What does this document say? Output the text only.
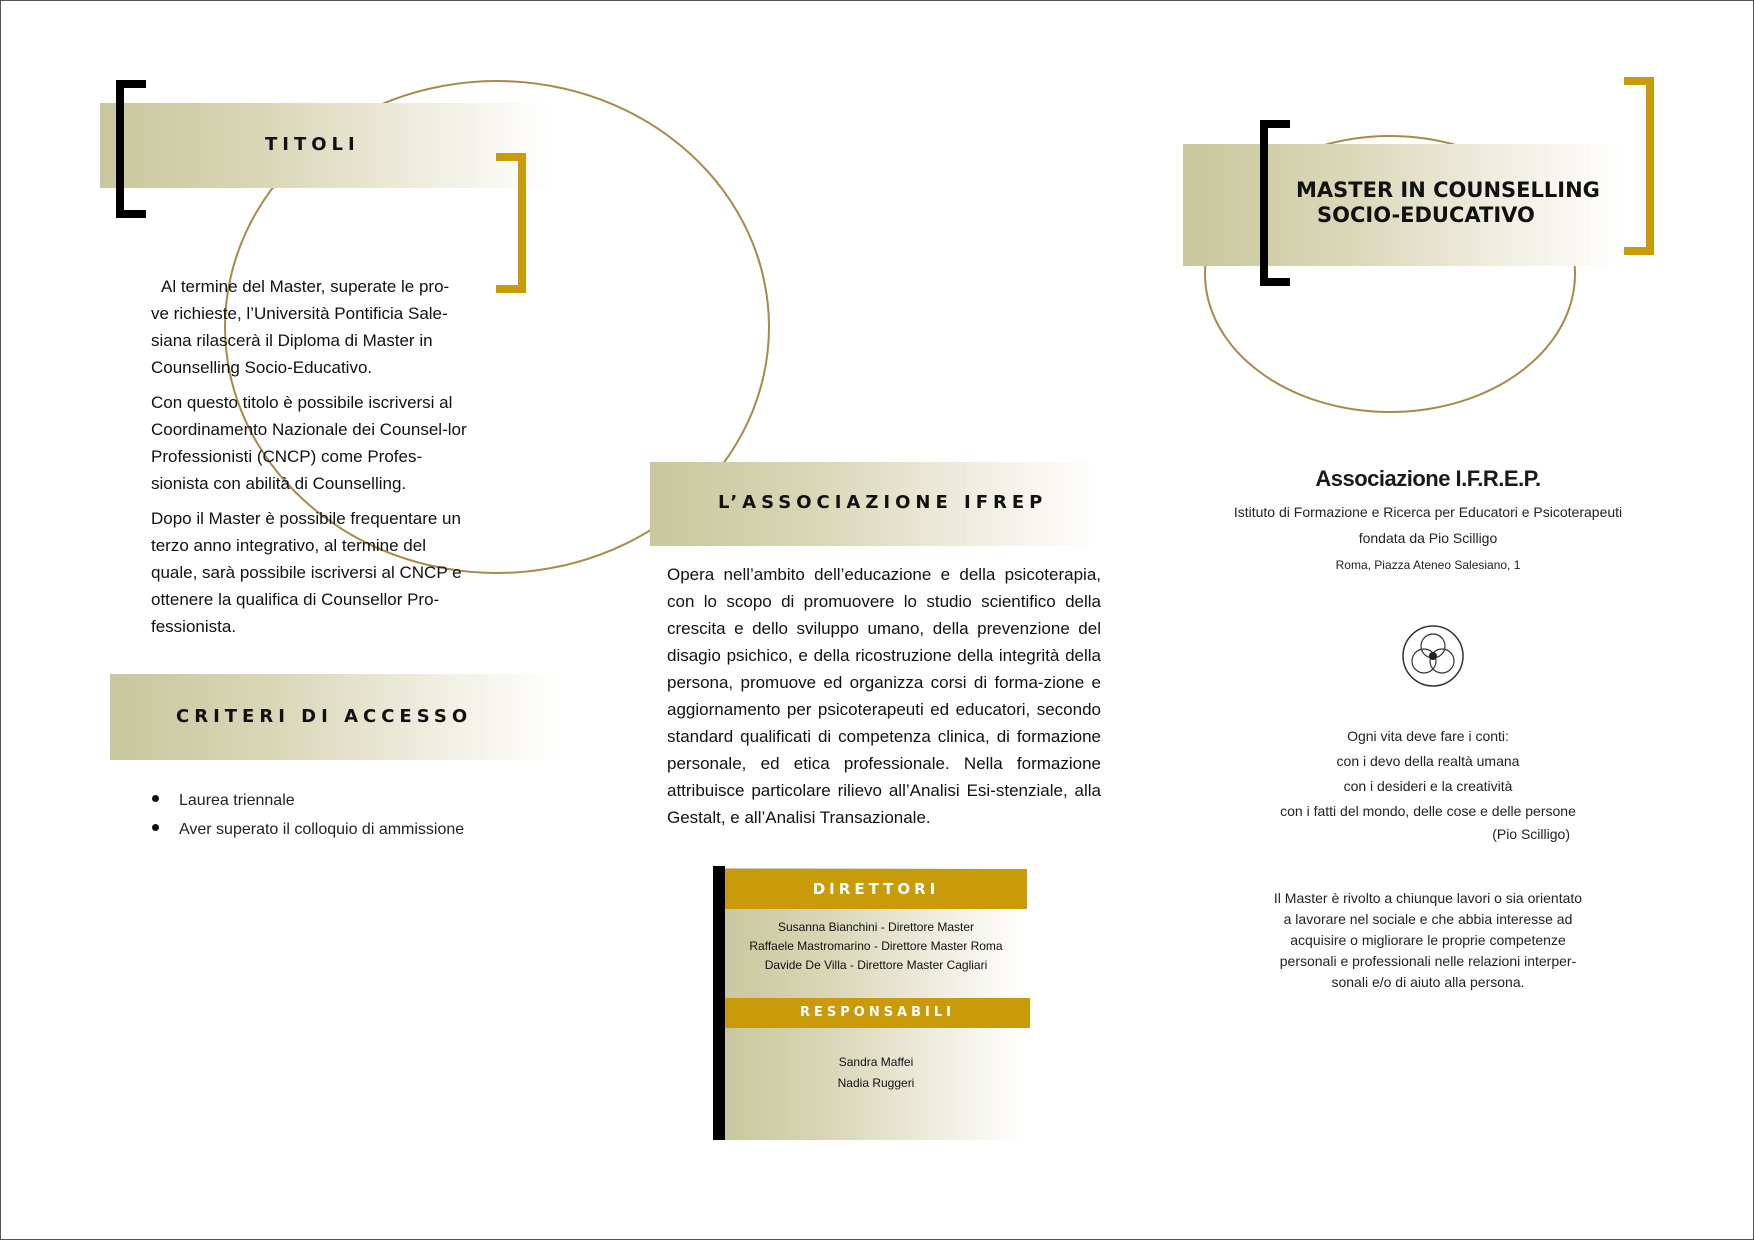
TITOLI

Al termine del Master, superate le pro-ve richieste, l’Università Pontificia Sale-siana rilascerà il Diploma di Master in Counselling Socio-Educativo.

Con questo titolo è possibile iscriversi al Coordinamento Nazionale dei Counsel-lor Professionisti (CNCP) come Profes-sionista con abilità di Counselling.

Dopo il Master è possibile frequentare un terzo anno integrativo, al termine del quale, sarà possibile iscriversi al CNCP e ottenere la qualifica di Counsellor Pro-fessionista.

CRITERI DI ACCESSO
Laurea triennale
Aver superato il colloquio di ammissione
L’ASSOCIAZIONE IFREP
Opera nell’ambito dell’educazione e della psicoterapia, con lo scopo di promuovere lo studio scientifico della crescita e dello sviluppo umano, della prevenzione del disagio psichico, e della ricostruzione della integrità della persona, promuove ed organizza corsi di forma-zione e aggiornamento per psicoterapeuti ed educatori, secondo standard qualificati di competenza clinica, di formazione personale, ed etica professionale. Nella formazione attribuisce particolare rilievo all’Analisi Esi-stenziale, alla Gestalt, e all’Analisi Transazionale.
DIRETTORI
Susanna Bianchini - Direttore Master
Raffaele Mastromarino - Direttore Master Roma
Davide De Villa - Direttore Master Cagliari
RESPONSABILI
Sandra Maffei
Nadia Ruggeri
MASTER IN COUNSELLING
SOCIO-EDUCATIVO
Associazione I.F.R.E.P.
Istituto di Formazione e Ricerca per Educatori e Psicoterapeuti
fondata da Pio Scilligo
Roma, Piazza Ateneo Salesiano, 1
Ogni vita deve fare i conti:
con i devo della realtà umana
con i desideri e la creatività
con i fatti del mondo, delle cose e delle persone
(Pio Scilligo)
Il Master è rivolto a chiunque lavori o sia orientato
a lavorare nel sociale e che abbia interesse ad
acquisire o migliorare le proprie competenze
personali e professionali nelle relazioni interper-
sonali e/o di aiuto alla persona.
